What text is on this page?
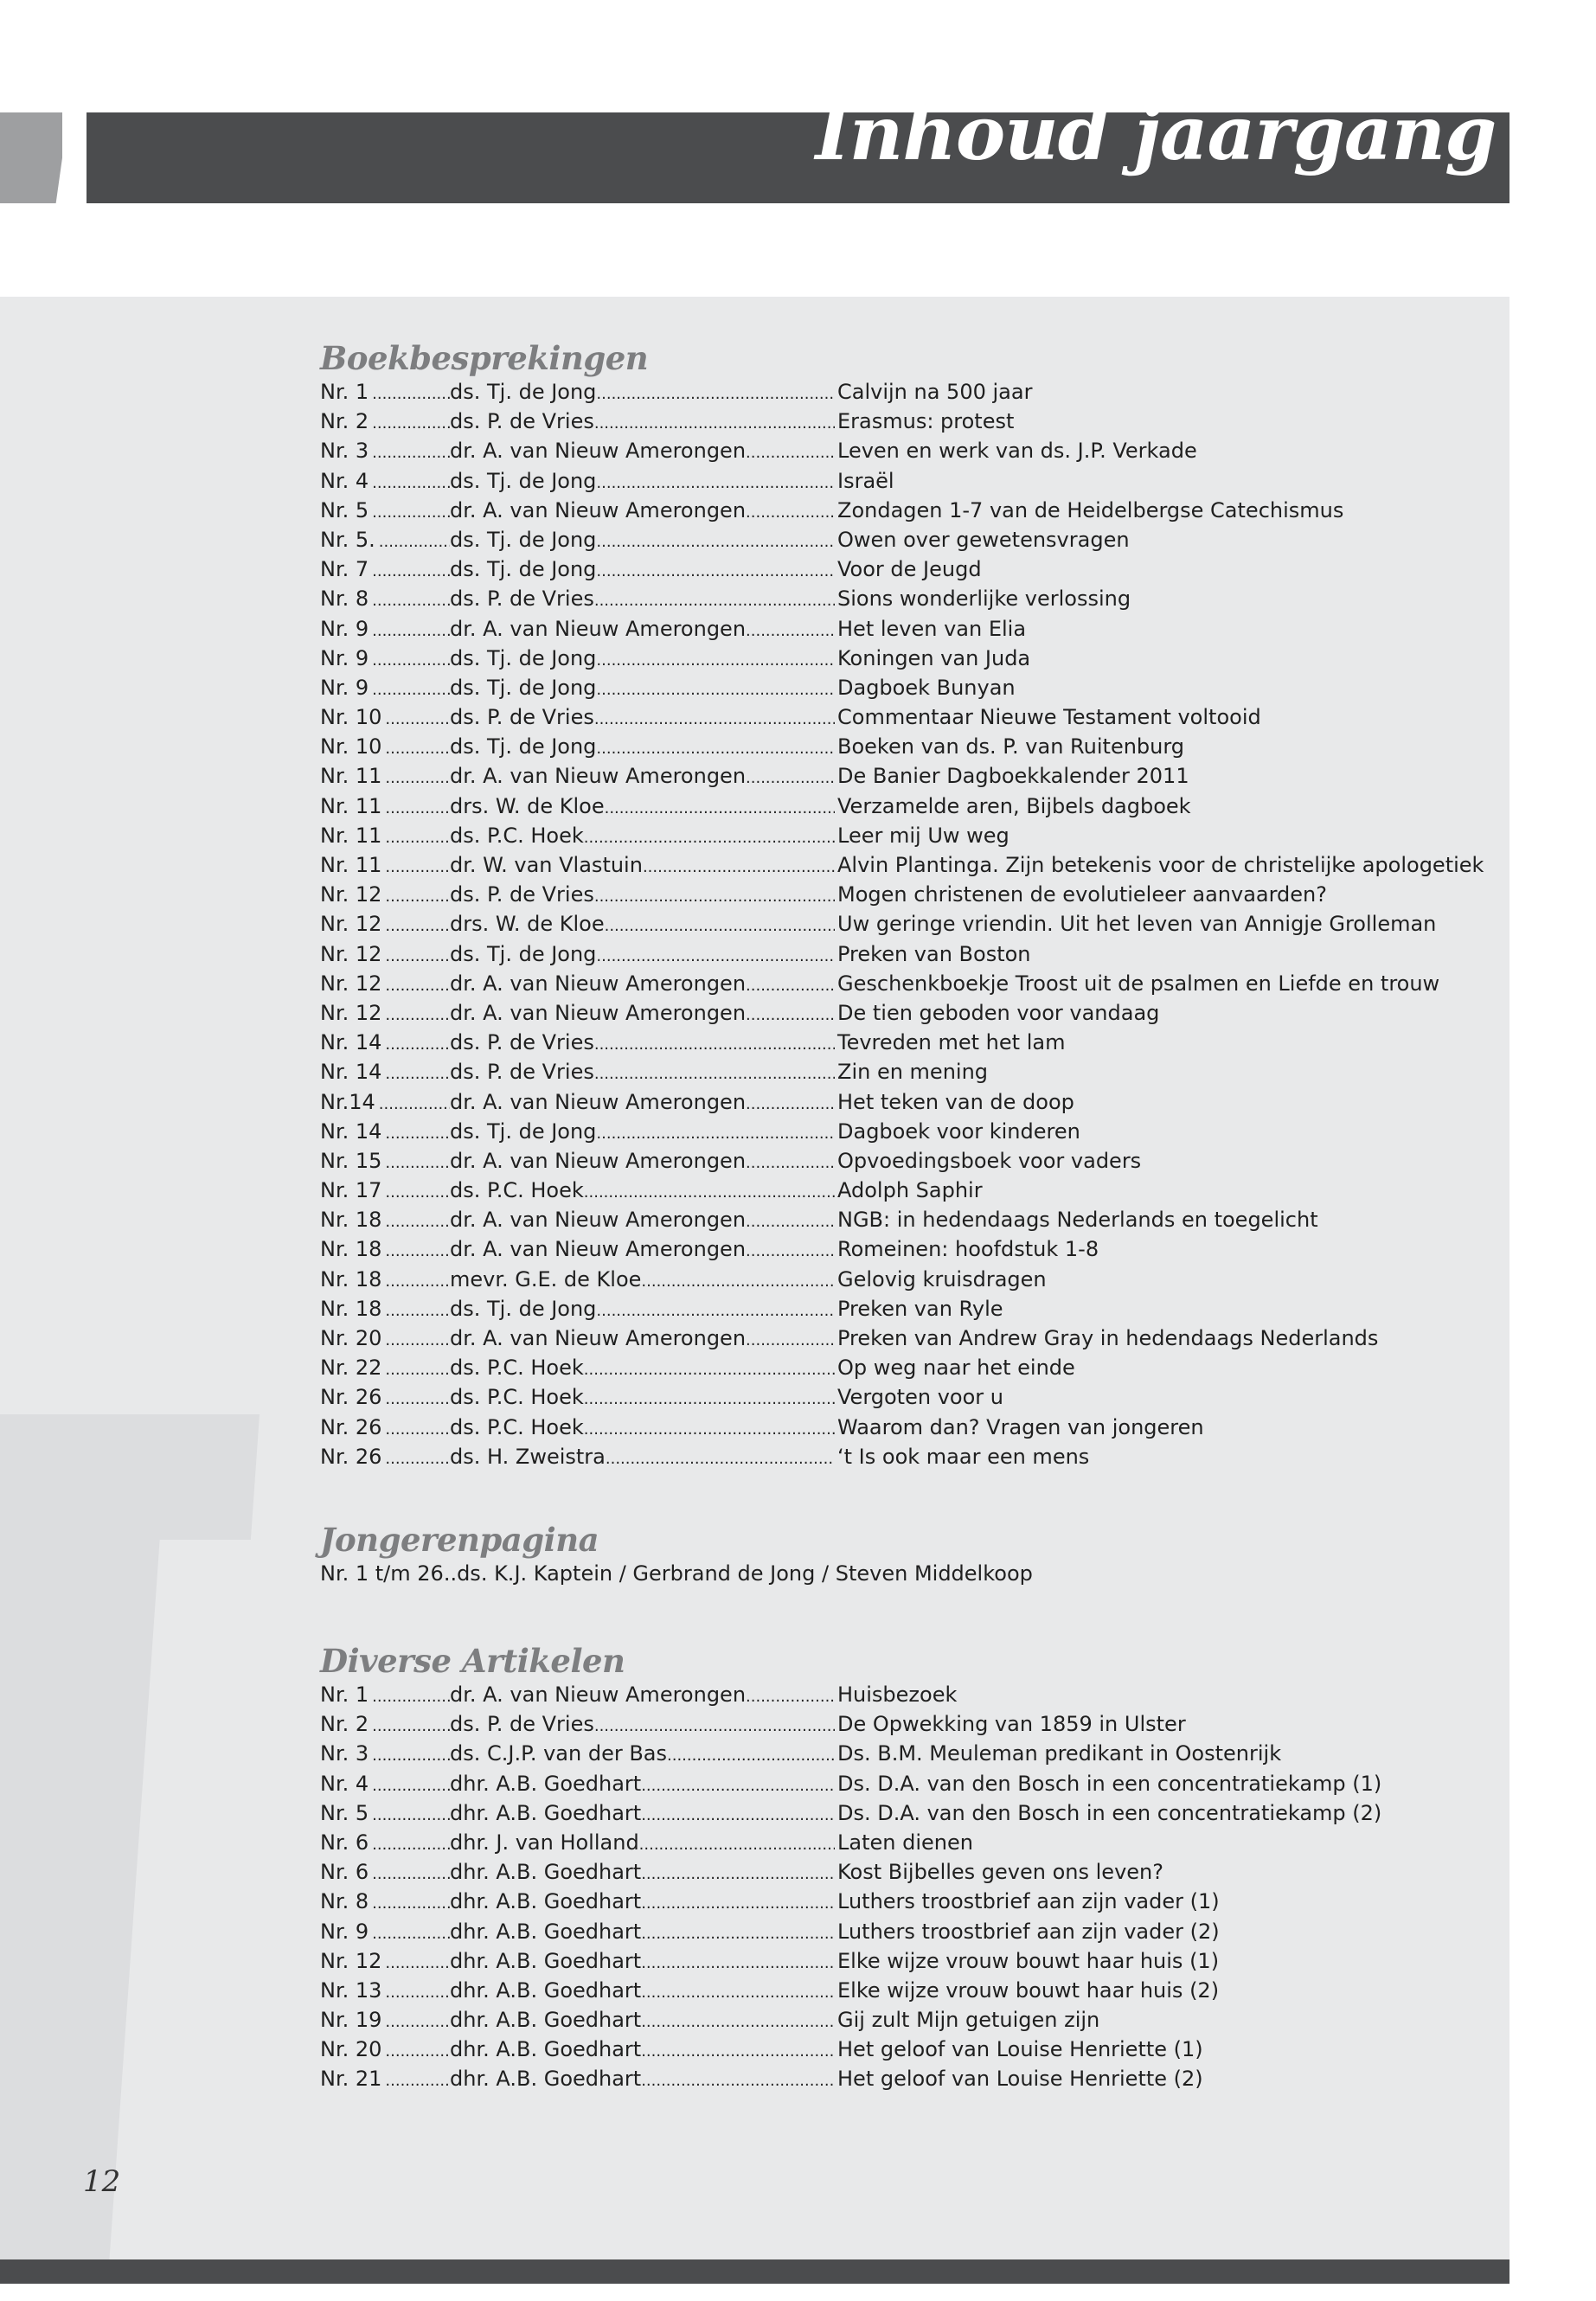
Inhoud jaargang 7
Boekbesprekingen
Nr. 1 .....	ds. Tj. de Jong .....	Calvijn na 500 jaar
Nr. 2 .....	ds. P. de Vries .....	Erasmus: protest
Nr. 3 .....	dr. A. van Nieuw Amerongen .....	Leven en werk van ds. J.P. Verkade
Nr. 4 .....	ds. Tj. de Jong .....	Israël
Nr. 5 .....	dr. A. van Nieuw Amerongen .....	Zondagen 1-7 van de Heidelbergse Catechismus
Nr. 5. .....	ds. Tj. de Jong .....	Owen over gewetensvragen
Nr. 7 .....	ds. Tj. de Jong .....	Voor de Jeugd
Nr. 8 .....	ds. P. de Vries .....	Sions wonderlijke verlossing
Nr. 9 .....	dr. A. van Nieuw Amerongen .....	Het leven van Elia
Nr. 9 .....	ds. Tj. de Jong .....	Koningen van Juda
Nr. 9 .....	ds. Tj. de Jong .....	Dagboek Bunyan
Nr. 10 .....	ds. P. de Vries .....	Commentaar Nieuwe Testament voltooid
Nr. 10 .....	ds. Tj. de Jong .....	Boeken van ds. P. van Ruitenburg
Nr. 11 .....	dr. A. van Nieuw Amerongen .....	De Banier Dagboekkalender 2011
Nr. 11 .....	drs. W. de Kloe .....	Verzamelde aren, Bijbels dagboek
Nr. 11 .....	ds. P.C. Hoek .....	Leer mij Uw weg
Nr. 11 .....	dr. W. van Vlastuin .....	Alvin Plantinga. Zijn betekenis voor de christelijke apologetiek
Nr. 12 .....	ds. P. de Vries .....	Mogen christenen de evolutieleer aanvaarden?
Nr. 12 .....	drs. W. de Kloe .....	Uw geringe vriendin. Uit het leven van Annigje Grolleman
Nr. 12 .....	ds. Tj. de Jong .....	Preken van Boston
Nr. 12 .....	dr. A. van Nieuw Amerongen .....	Geschenkboekje Troost uit de psalmen en Liefde en trouw
Nr. 12 .....	dr. A. van Nieuw Amerongen .....	De tien geboden voor vandaag
Nr. 14 .....	ds. P. de Vries .....	Tevreden met het lam
Nr. 14 .....	ds. P. de Vries .....	Zin en mening
Nr.14 .....	dr. A. van Nieuw Amerongen .....	Het teken van de doop
Nr. 14 .....	ds. Tj. de Jong .....	Dagboek voor kinderen
Nr. 15 .....	dr. A. van Nieuw Amerongen .....	Opvoedingsboek voor vaders
Nr. 17 .....	ds. P.C. Hoek .....	Adolph Saphir
Nr. 18 .....	dr. A. van Nieuw Amerongen .....	NGB: in hedendaags Nederlands en toegelicht
Nr. 18 .....	dr. A. van Nieuw Amerongen .....	Romeinen: hoofdstuk 1-8
Nr. 18 .....	mevr. G.E. de Kloe .....	Gelovig kruisdragen
Nr. 18 .....	ds. Tj. de Jong .....	Preken van Ryle
Nr. 20 .....	dr. A. van Nieuw Amerongen .....	Preken van Andrew Gray in hedendaags Nederlands
Nr. 22 .....	ds. P.C. Hoek .....	Op weg naar het einde
Nr. 26 .....	ds. P.C. Hoek .....	Vergoten voor u
Nr. 26 .....	ds. P.C. Hoek .....	Waarom dan? Vragen van jongeren
Nr. 26 .....	ds. H. Zweistra .....	‘t Is ook maar een mens
Jongerenpagina

Nr. 1 t/m 26..ds. K.J. Kaptein / Gerbrand de Jong / Steven Middelkoop

Diverse Artikelen
Nr. 1 .....	dr. A. van Nieuw Amerongen .....	Huisbezoek
Nr. 2 .....	ds. P. de Vries .....	De Opwekking van 1859 in Ulster
Nr. 3 .....	ds. C.J.P. van der Bas .....	Ds. B.M. Meuleman predikant in Oostenrijk
Nr. 4 .....	dhr. A.B. Goedhart .....	Ds. D.A. van den Bosch in een concentratiekamp (1)
Nr. 5 .....	dhr. A.B. Goedhart .....	Ds. D.A. van den Bosch in een concentratiekamp (2)
Nr. 6 .....	dhr. J. van Holland .....	Laten dienen
Nr. 6 .....	dhr. A.B. Goedhart .....	Kost Bijbelles geven ons leven?
Nr. 8 .....	dhr. A.B. Goedhart .....	Luthers troostbrief aan zijn vader (1)
Nr. 9 .....	dhr. A.B. Goedhart .....	Luthers troostbrief aan zijn vader (2)
Nr. 12 .....	dhr. A.B. Goedhart .....	Elke wijze vrouw bouwt haar huis (1)
Nr. 13 .....	dhr. A.B. Goedhart .....	Elke wijze vrouw bouwt haar huis (2)
Nr. 19 .....	dhr. A.B. Goedhart .....	Gij zult Mijn getuigen zijn
Nr. 20 .....	dhr. A.B. Goedhart .....	Het geloof van Louise Henriette (1)
Nr. 21 .....	dhr. A.B. Goedhart .....	Het geloof van Louise Henriette (2)

12
